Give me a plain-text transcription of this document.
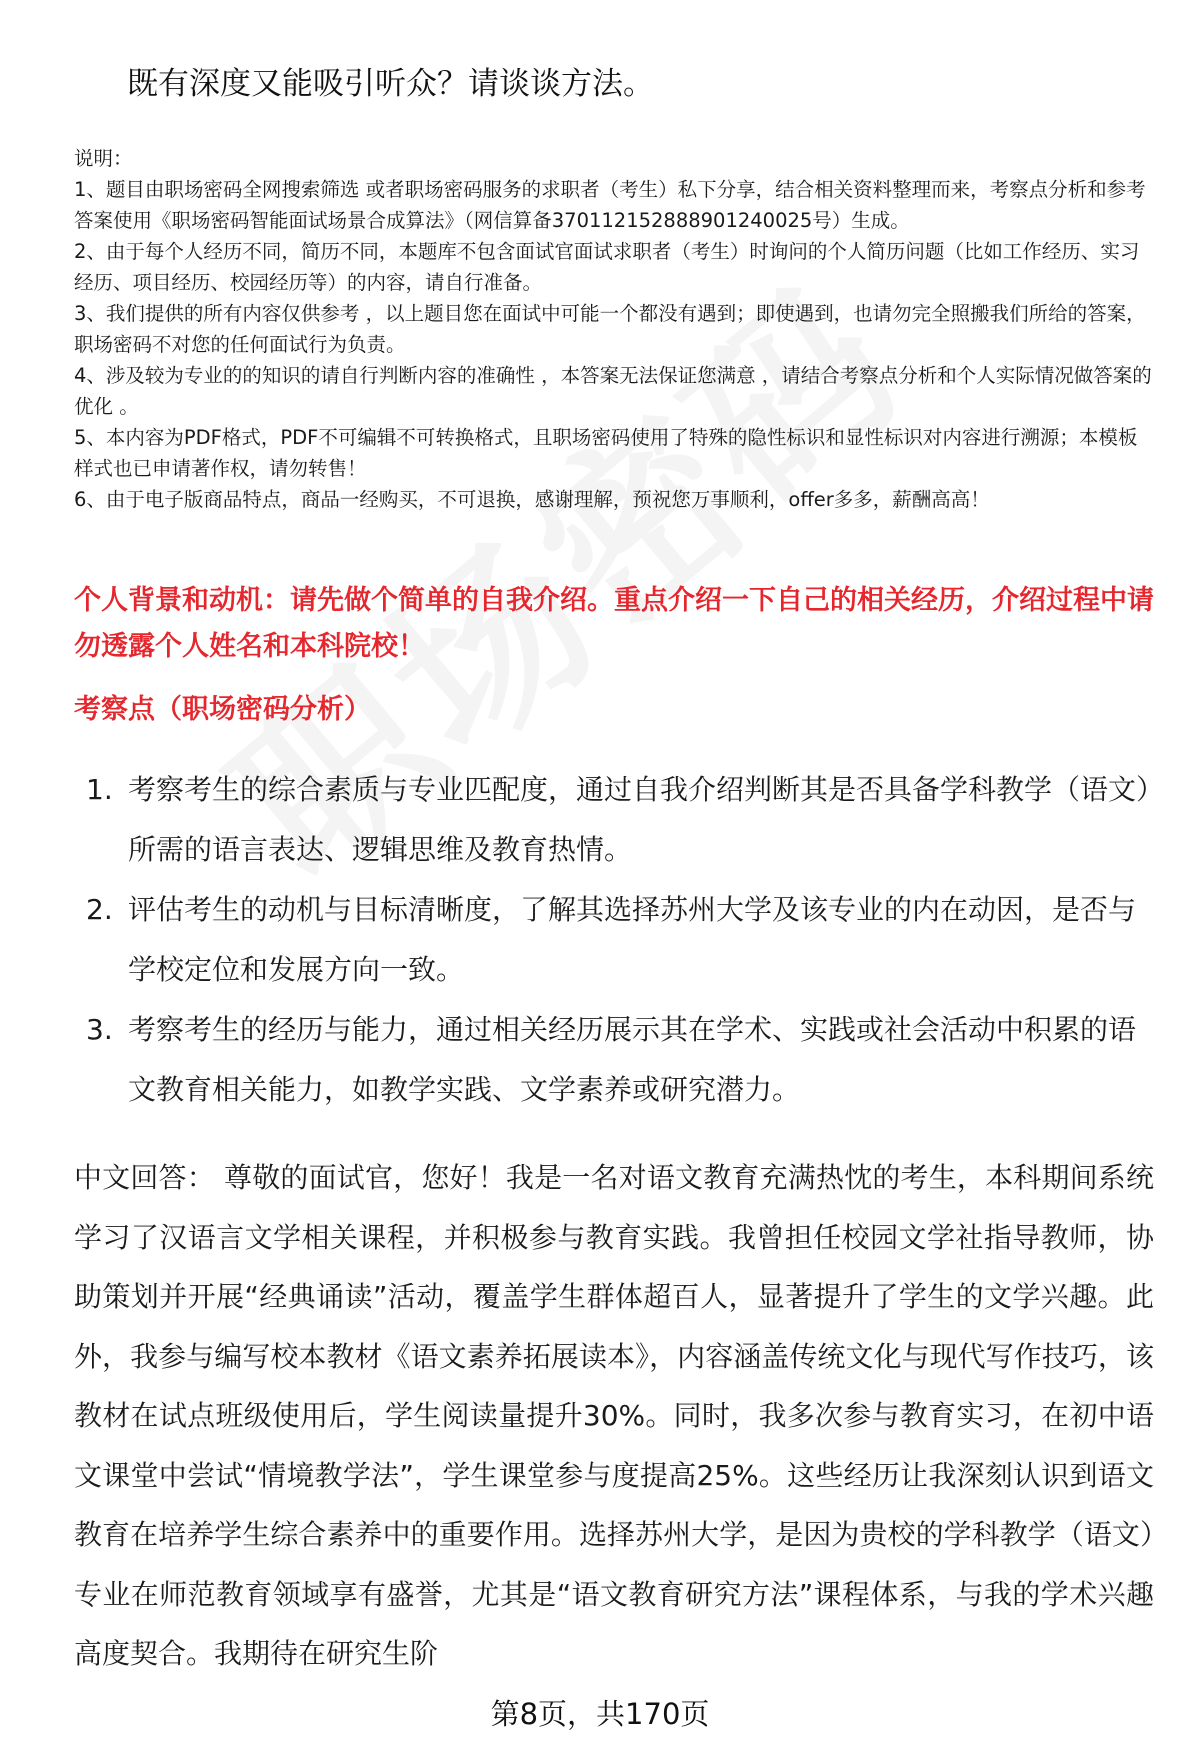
既有深度又能吸引听众？请谈谈方法。
说明：
1、题目由职场密码全网搜索筛选 或者职场密码服务的求职者（考生）私下分享，结合相关资料整理而来，考察点分析和参考答案使用《职场密码智能面试场景合成算法》（网信算备370112152888901240025号）生成。
2、由于每个人经历不同，简历不同，本题库不包含面试官面试求职者（考生）时询问的个人简历问题（比如工作经历、实习经历、项目经历、校园经历等）的内容，请自行准备。
3、我们提供的所有内容仅供参考 ，以上题目您在面试中可能一个都没有遇到；即使遇到，也请勿完全照搬我们所给的答案，职场密码不对您的任何面试行为负责。
4、涉及较为专业的的知识的请自行判断内容的准确性 ，本答案无法保证您满意 ，请结合考察点分析和个人实际情况做答案的优化 。
5、本内容为PDF格式，PDF不可编辑不可转换格式，且职场密码使用了特殊的隐性标识和显性标识对内容进行溯源；本模板样式也已申请著作权，请勿转售！
6、由于电子版商品特点，商品一经购买，不可退换，感谢理解，预祝您万事顺利，offer多多，薪酬高高！
个人背景和动机：请先做个简单的自我介绍。重点介绍一下自己的相关经历，介绍过程中请勿透露个人姓名和本科院校！
考察点（职场密码分析）
1. 考察考生的综合素质与专业匹配度，通过自我介绍判断其是否具备学科教学（语文）所需的语言表达、逻辑思维及教育热情。
2. 评估考生的动机与目标清晰度，了解其选择苏州大学及该专业的内在动因，是否与学校定位和发展方向一致。
3. 考察考生的经历与能力，通过相关经历展示其在学术、实践或社会活动中积累的语文教育相关能力，如教学实践、文学素养或研究潜力。
中文回答： 尊敬的面试官，您好！我是一名对语文教育充满热忱的考生，本科期间系统学习了汉语言文学相关课程，并积极参与教育实践。我曾担任校园文学社指导教师，协助策划并开展“经典诵读”活动，覆盖学生群体超百人，显著提升了学生的文学兴趣。此外，我参与编写校本教材《语文素养拓展读本》，内容涵盖传统文化与现代写作技巧，该教材在试点班级使用后，学生阅读量提升30%。同时，我多次参与教育实习，在初中语文课堂中尝试“情境教学法”，学生课堂参与度提高25%。这些经历让我深刻认识到语文教育在培养学生综合素养中的重要作用。选择苏州大学，是因为贵校的学科教学（语文）专业在师范教育领域享有盛誉，尤其是“语文教育研究方法”课程体系，与我的学术兴趣高度契合。我期待在研究生阶
第8页，共170页
